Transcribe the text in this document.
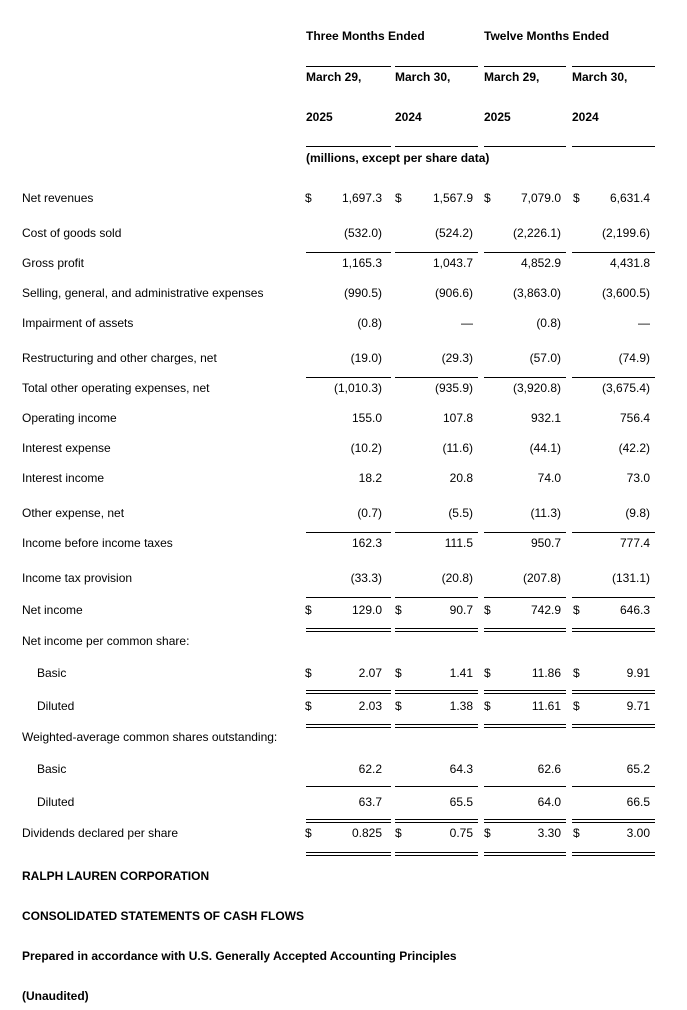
Three Months Ended	Twelve Months Ended
March 29,	March 30,	March 29,	March 30,
2025	2024	2025	2024
(millions, except per share data)
Net revenues	$	1,697.3 $	1,567.9 $	7,079.0 $	6,631.4
Cost of goods sold	(532.0)	(524.2)	(2,226.1)	(2,199.6)
Gross profit	1,165.3	1,043.7	4,852.9	4,431.8
Selling, general, and administrative expenses	(990.5)	(906.6)	(3,863.0)	(3,600.5)
Impairment of assets	(0.8)	—	(0.8)	—
Restructuring and other charges, net	(19.0)	(29.3)	(57.0)	(74.9)
Total other operating expenses, net	(1,010.3)	(935.9)	(3,920.8)	(3,675.4)
Operating income	155.0	107.8	932.1	756.4
Interest expense	(10.2)	(11.6)	(44.1)	(42.2)
Interest income	18.2	20.8	74.0	73.0
Other expense, net	(0.7)	(5.5)	(11.3)	(9.8)
Income before income taxes	162.3	111.5	950.7	777.4
Income tax provision	(33.3)	(20.8)	(207.8)	(131.1)
Net income	$	129.0 $	90.7 $	742.9 $	646.3
Net income per common share:
Basic	$	2.07 $	1.41 $	11.86 $	9.91
Diluted	$	2.03 $	1.38 $	11.61 $	9.71
Weighted-average common shares outstanding:
Basic	62.2	64.3	62.6	65.2
Diluted	63.7	65.5	64.0	66.5
Dividends declared per share	$	0.825 $	0.75 $	3.30 $	3.00
RALPH LAUREN CORPORATION
CONSOLIDATED STATEMENTS OF CASH FLOWS
Prepared in accordance with U.S. Generally Accepted Accounting Principles
(Unaudited)
